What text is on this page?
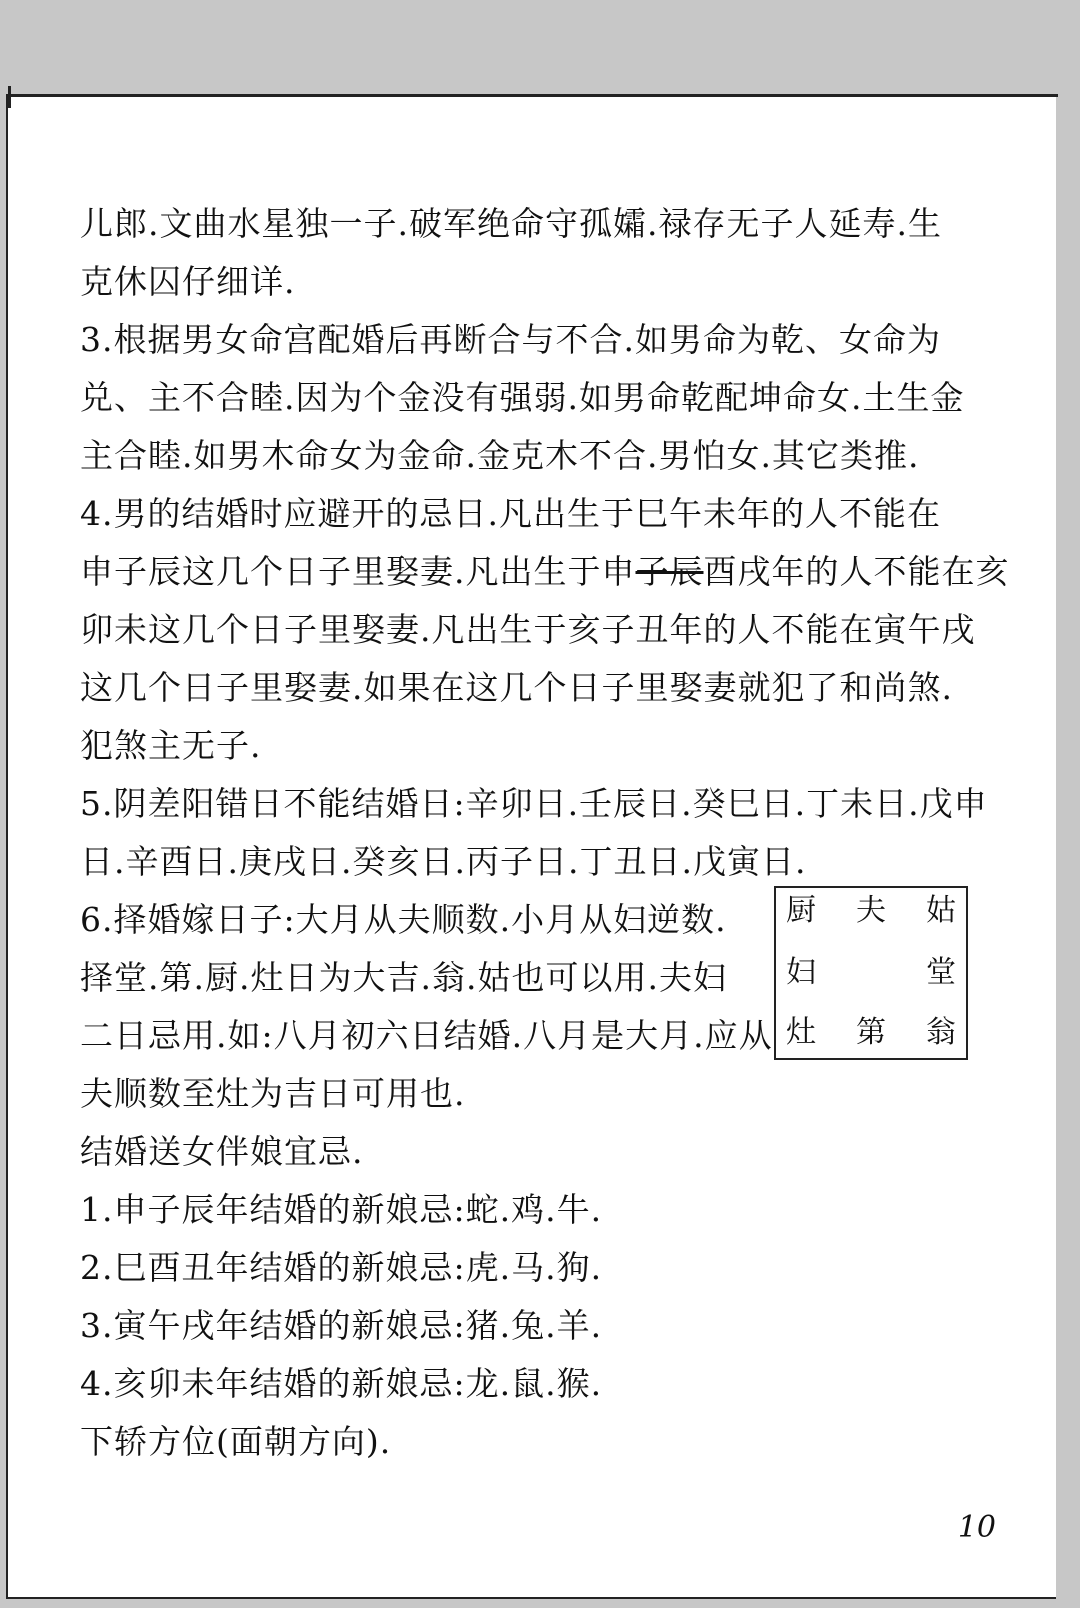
儿郎.文曲水星独一子.破军绝命守孤孀.禄存无子人延寿.生
克休囚仔细详.
3.根据男女命宫配婚后再断合与不合.如男命为乾、女命为
兑、主不合睦.因为个金没有强弱.如男命乾配坤命女.土生金
主合睦.如男木命女为金命.金克木不合.男怕女.其它类推.
4.男的结婚时应避开的忌日.凡出生于巳午未年的人不能在
申子辰这几个日子里娶妻.凡出生于申子辰酉戌年的人不能在亥
卯未这几个日子里娶妻.凡出生于亥子丑年的人不能在寅午戌
这几个日子里娶妻.如果在这几个日子里娶妻就犯了和尚煞.
犯煞主无子.
5.阴差阳错日不能结婚日:辛卯日.壬辰日.癸巳日.丁未日.戊申
日.辛酉日.庚戌日.癸亥日.丙子日.丁丑日.戊寅日.
6.择婚嫁日子:大月从夫顺数.小月从妇逆数.
择堂.第.厨.灶日为大吉.翁.姑也可以用.夫妇
二日忌用.如:八月初六日结婚.八月是大月.应从
夫顺数至灶为吉日可用也.
结婚送女伴娘宜忌.
1.申子辰年结婚的新娘忌:蛇.鸡.牛.
2.巳酉丑年结婚的新娘忌:虎.马.狗.
3.寅午戌年结婚的新娘忌:猪.兔.羊.
4.亥卯未年结婚的新娘忌:龙.鼠.猴.
下轿方位(面朝方向).
厨 夫 姑
妇	堂
灶 第 翁
10
